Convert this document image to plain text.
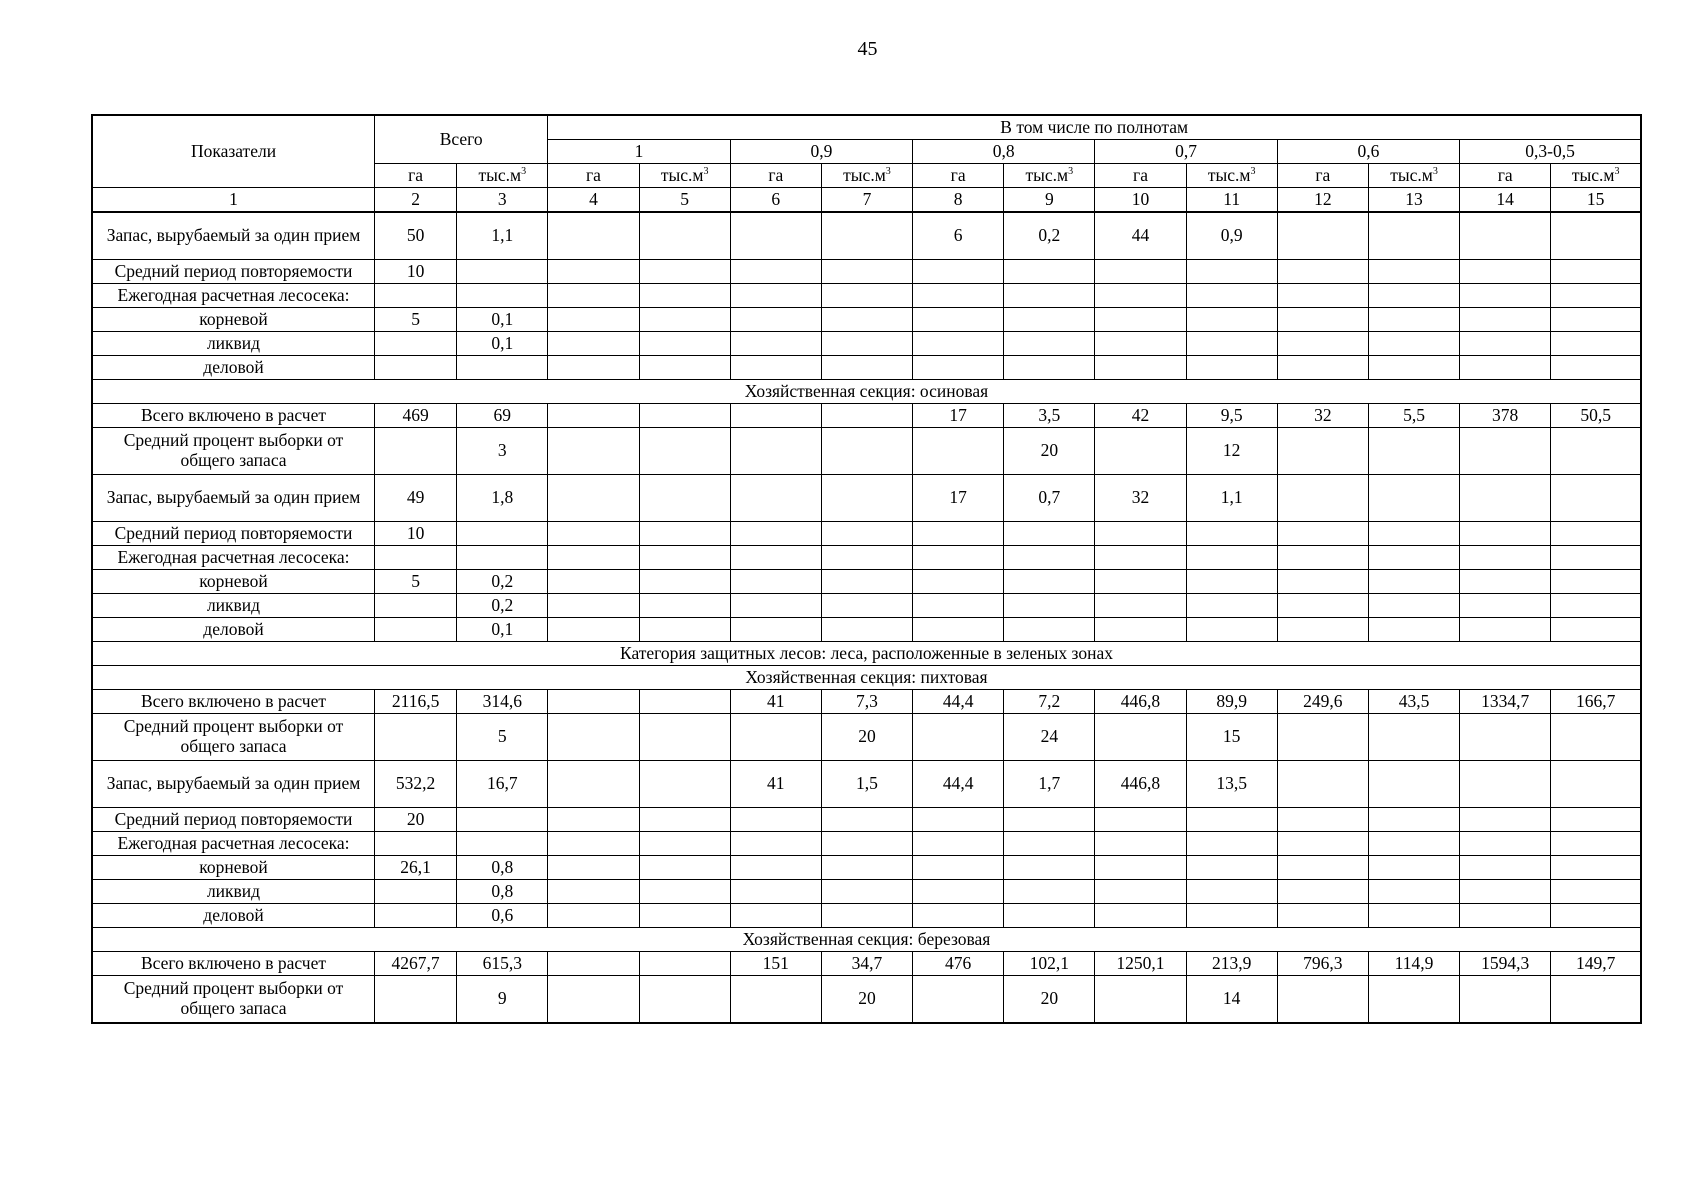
45
Показатели	Всего		В том числе по полнотам											
			1		0,9		0,8		0,7		0,6		0,3-0,5	
	га	$тыс.м^3$	га	$тыс.м^3$	га	$тыс.м^3$	га	$тыс.м^3$	га	$тыс.м^3$	га	$тыс.м^3$	га	$тыс.м^3$
1	2	3	4	5	6	7	8	9	10	11	12	13	14	15
Запас, вырубаемый за один прием	50	1,1					6	0,2	44	0,9				
Средний период повторяемости	10													
Ежегодная расчетная лесосека:														
корневой	5	0,1												
ликвид		0,1												
деловой														
Хозяйственная секция: осиновая														
Всего включено в расчет	469	69					17	3,5	42	9,5	32	5,5	378	50,5
Средний процент выборки от общего запаса		3						20		12				
Запас, вырубаемый за один прием	49	1,8					17	0,7	32	1,1				
Средний период повторяемости	10													
Ежегодная расчетная лесосека:														
корневой	5	0,2												
ликвид		0,2												
деловой		0,1												
Категория защитных лесов: леса, расположенные в зеленых зонах														
Хозяйственная секция: пихтовая														
Всего включено в расчет	2116,5	314,6			41	7,3	44,4	7,2	446,8	89,9	249,6	43,5	1334,7	166,7
Средний процент выборки от общего запаса		5				20		24		15				
Запас, вырубаемый за один прием	532,2	16,7			41	1,5	44,4	1,7	446,8	13,5				
Средний период повторяемости	20													
Ежегодная расчетная лесосека:														
корневой	26,1	0,8												
ликвид		0,8												
деловой		0,6												
Хозяйственная секция: березовая														
Всего включено в расчет	4267,7	615,3			151	34,7	476	102,1	1250,1	213,9	796,3	114,9	1594,3	149,7
Средний процент выборки от общего запаса		9				20		20		14				
